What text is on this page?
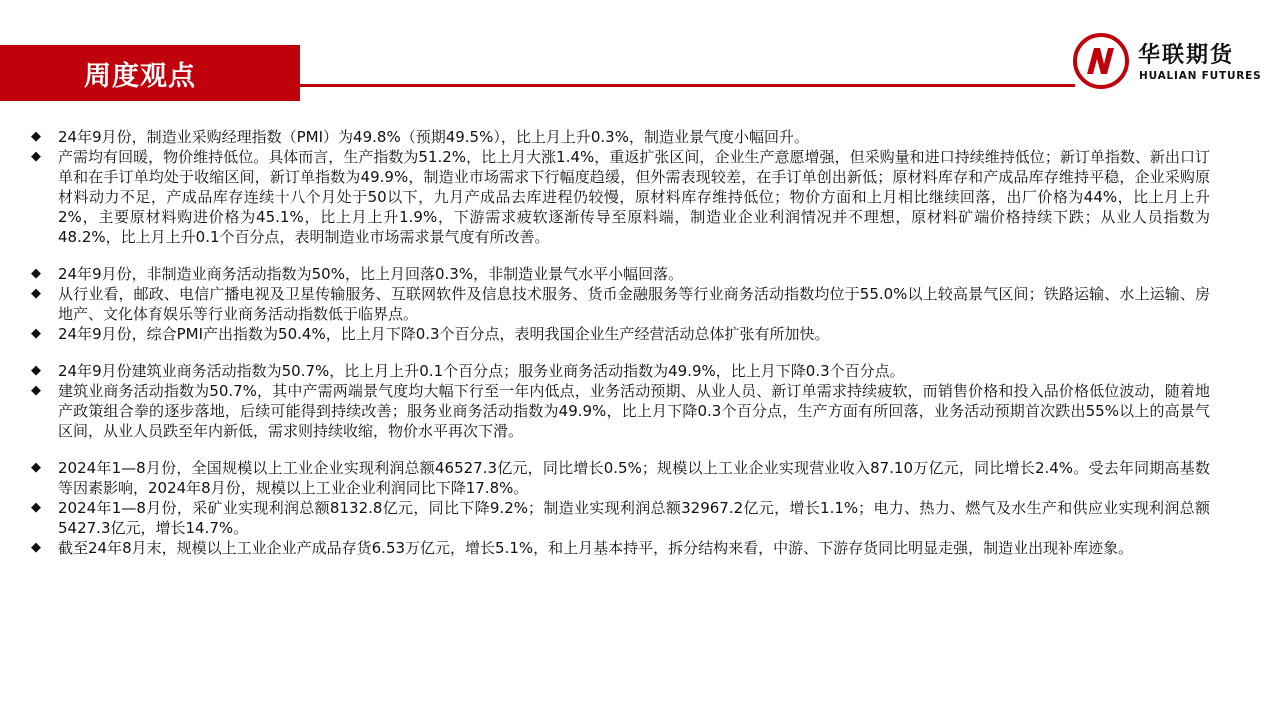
周度观点
华联期货
HUALIAN FUTURES
◆ 24年9月份，制造业采购经理指数（PMI）为49.8%（预期49.5%），比上月上升0.3%，制造业景气度小幅回升。
◆ 产需均有回暖，物价维持低位。具体而言，生产指数为51.2%，比上月大涨1.4%，重返扩张区间，企业生产意愿增强，但采购量和进口持续维持低位；新订单指数、新出口订单和在手订单均处于收缩区间，新订单指数为49.9%，制造业市场需求下行幅度趋缓，但外需表现较差，在手订单创出新低；原材料库存和产成品库存维持平稳，企业采购原材料动力不足，产成品库存连续十八个月处于50以下，九月产成品去库进程仍较慢，原材料库存维持低位；物价方面和上月相比继续回落，出厂价格为44%，比上月上升2%，主要原材料购进价格为45.1%，比上月上升1.9%，下游需求疲软逐渐传导至原料端，制造业企业利润情况并不理想，原材料矿端价格持续下跌；从业人员指数为48.2%，比上月上升0.1个百分点，表明制造业市场需求景气度有所改善。
◆ 24年9月份，非制造业商务活动指数为50%，比上月回落0.3%，非制造业景气水平小幅回落。
◆ 从行业看，邮政、电信广播电视及卫星传输服务、互联网软件及信息技术服务、货币金融服务等行业商务活动指数均位于55.0%以上较高景气区间；铁路运输、水上运输、房地产、文化体育娱乐等行业商务活动指数低于临界点。
◆ 24年9月份，综合PMI产出指数为50.4%，比上月下降0.3个百分点，表明我国企业生产经营活动总体扩张有所加快。
◆ 24年9月份建筑业商务活动指数为50.7%，比上月上升0.1个百分点；服务业商务活动指数为49.9%，比上月下降0.3个百分点。
◆ 建筑业商务活动指数为50.7%，其中产需两端景气度均大幅下行至一年内低点，业务活动预期、从业人员、新订单需求持续疲软，而销售价格和投入品价格低位波动，随着地产政策组合拳的逐步落地，后续可能得到持续改善；服务业商务活动指数为49.9%，比上月下降0.3个百分点，生产方面有所回落，业务活动预期首次跌出55%以上的高景气区间，从业人员跌至年内新低，需求则持续收缩，物价水平再次下滑。
◆ 2024年1—8月份，全国规模以上工业企业实现利润总额46527.3亿元，同比增长0.5%；规模以上工业企业实现营业收入87.10万亿元，同比增长2.4%。受去年同期高基数等因素影响，2024年8月份，规模以上工业企业利润同比下降17.8%。
◆ 2024年1—8月份，采矿业实现利润总额8132.8亿元，同比下降9.2%；制造业实现利润总额32967.2亿元，增长1.1%；电力、热力、燃气及水生产和供应业实现利润总额5427.3亿元，增长14.7%。
◆ 截至24年8月末，规模以上工业企业产成品存货6.53万亿元，增长5.1%，和上月基本持平，拆分结构来看，中游、下游存货同比明显走强，制造业出现补库迹象。
